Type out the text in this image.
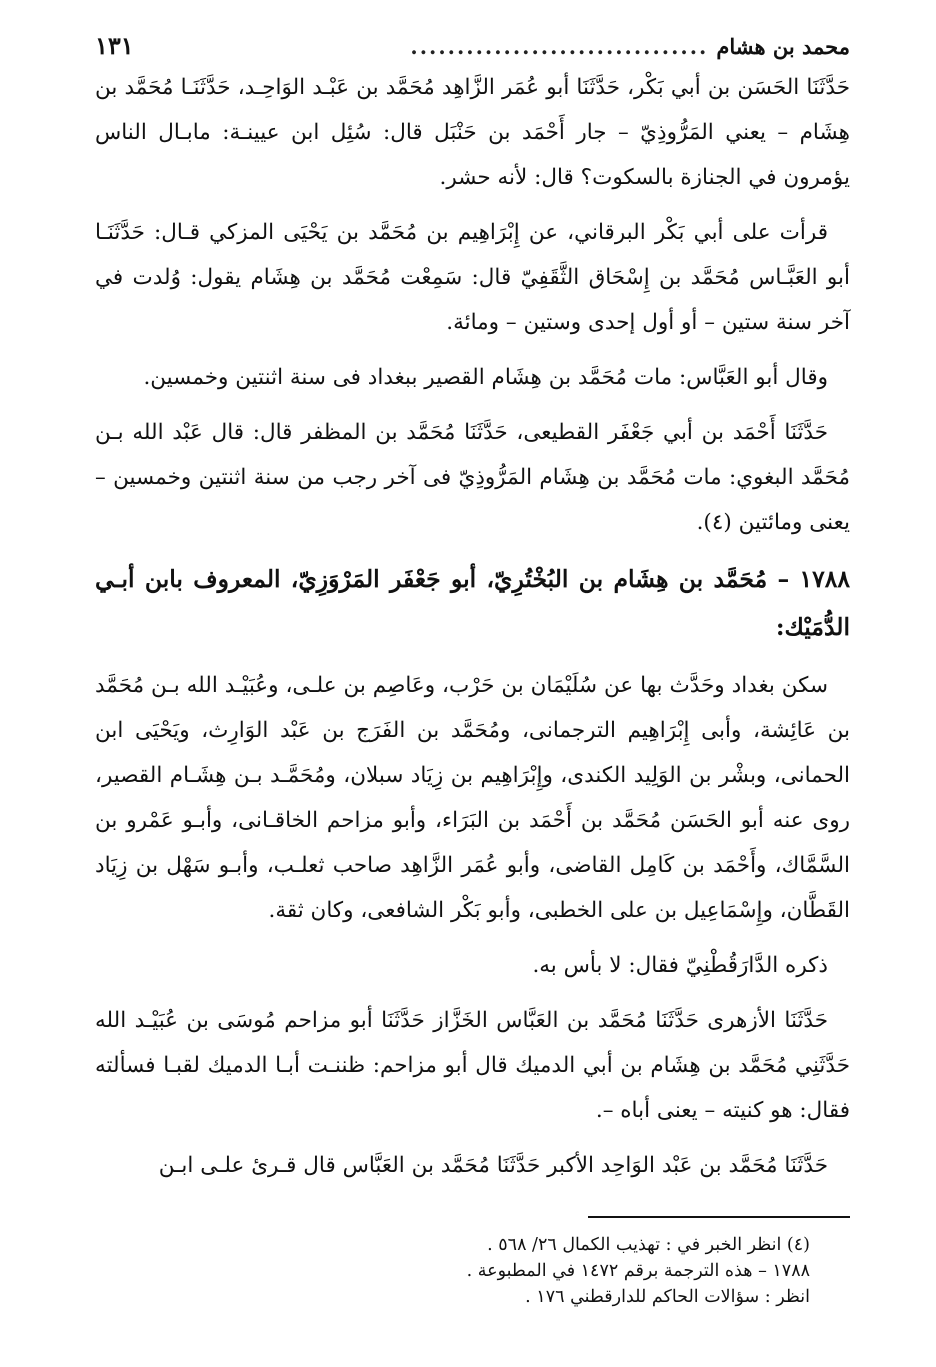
محمد بن هشام
................................
١٣١

حَدَّثَنَا الحَسَن بن أبي بَكْر، حَدَّثَنَا أبو عُمَر الزَّاهِد مُحَمَّد بن عَبْـد الوَاحِـد، حَدَّثَنَـا مُحَمَّد بن هِشَام – يعني المَرُّوذِيّ – جار أَحْمَد بن حَنْبَل قال: سُئِل ابن عيينـة: مابـال الناس يؤمرون في الجنازة بالسكوت؟ قال: لأنه حشر.

قرأت على أبي بَكْر البرقاني، عن إِبْرَاهِيم بن مُحَمَّد بن يَحْيَى المزكي قـال: حَدَّثَنَـا أبو العَبَّـاس مُحَمَّد بن إِسْحَاق الثَّقَفِيّ قال: سَمِعْت مُحَمَّد بن هِشَام يقول: وُلدت في آخر سنة ستين – أو أول إحدى وستين – ومائة.

وقال أبو العَبَّاس: مات مُحَمَّد بن هِشَام القصير ببغداد فى سنة اثنتين وخمسين.

حَدَّثَنَا أَحْمَد بن أبي جَعْفَر القطيعى، حَدَّثَنَا مُحَمَّد بن المظفر قال: قال عَبْد الله بـن مُحَمَّد البغوي: مات مُحَمَّد بن هِشَام المَرُّوذِيّ فى آخر رجب من سنة اثنتين وخمسين – يعنى ومائتين (٤).

١٧٨٨ – مُحَمَّد بن هِشَام بن البُخْتُرِيّ، أبو جَعْفَر المَرْوَزِيّ، المعروف بابن أبـي الدُّمَيْك:

سكن بغداد وحَدَّث بها عن سُلَيْمَان بن حَرْب، وعَاصِم بن علـى، وعُبَيْـد الله بـن مُحَمَّد بن عَائِشة، وأبى إِبْرَاهِيم الترجمانى، ومُحَمَّد بن الفَرَج بن عَبْد الوَارِث، ويَحْيَى ابن الحمانى، وبشْر بن الوَلِيد الكندى، وإِبْرَاهِيم بن زِيَاد سبلان، ومُحَمَّـد بـن هِشَـام القصير، روى عنه أبو الحَسَن مُحَمَّد بن أَحْمَد بن البَرَاء، وأبو مزاحم الخاقـانى، وأبـو عَمْرو بن السَّمَّاك، وأَحْمَد بن كَامِل القاضى، وأبو عُمَر الزَّاهِد صاحب ثعلـب، وأبـو سَهْل بن زِيَاد القَطَّان، وإِسْمَاعِيل بن على الخطبى، وأبو بَكْر الشافعى، وكان ثقة.

ذكره الدَّارَقُطْنِيّ فقال: لا بأس به.

حَدَّثَنَا الأزهرى حَدَّثَنَا مُحَمَّد بن العَبَّاس الخَزَّاز حَدَّثَنَا أبو مزاحم مُوسَى بن عُبَيْـد الله حَدَّثَنِي مُحَمَّد بن هِشَام بن أبي الدميك قال أبو مزاحم: ظننـت أبـا الدميك لقبـا فسألته فقال: هو كنيته – يعنى أباه –.

حَدَّثَنَا مُحَمَّد بن عَبْد الوَاحِد الأكبر حَدَّثَنَا مُحَمَّد بن العَبَّاس قال قـرئ علـى ابـن

(٤) انظر الخبر في : تهذيب الكمال ٢٦/ ٥٦٨ .
١٧٨٨ – هذه الترجمة برقم ١٤٧٢ في المطبوعة .
انظر : سؤالات الحاكم للدارقطني ١٧٦ .
